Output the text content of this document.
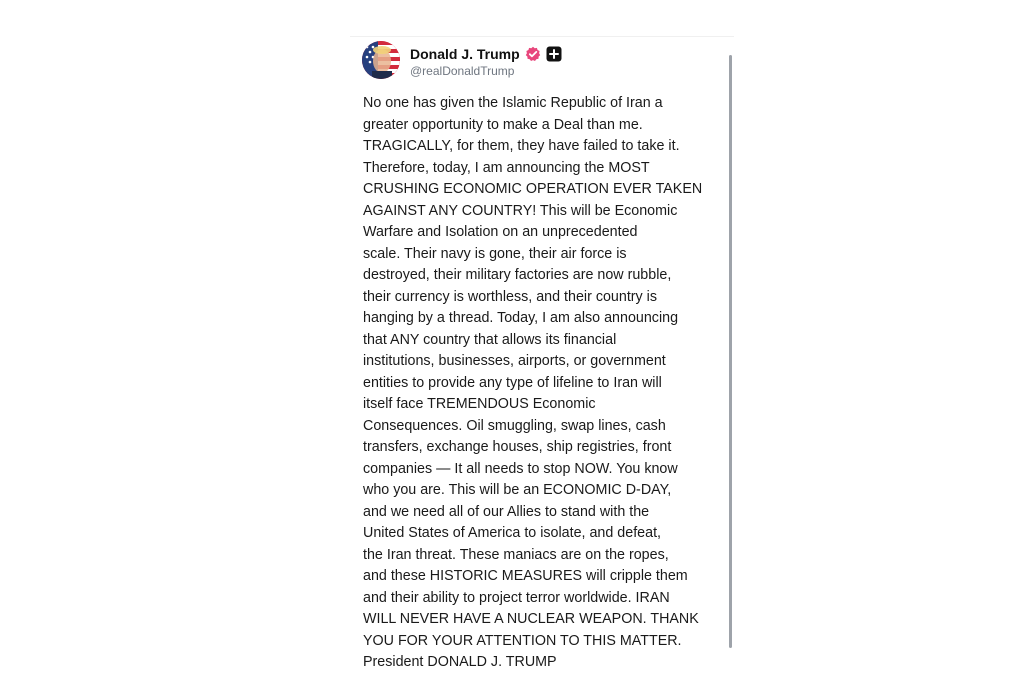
Donald J. Trump
@realDonaldTrump
No one has given the Islamic Republic of Iran a
greater opportunity to make a Deal than me.
TRAGICALLY, for them, they have failed to take it.
Therefore, today, I am announcing the MOST
CRUSHING ECONOMIC OPERATION EVER TAKEN
AGAINST ANY COUNTRY! This will be Economic
Warfare and Isolation on an unprecedented
scale. Their navy is gone, their air force is
destroyed, their military factories are now rubble,
their currency is worthless, and their country is
hanging by a thread. Today, I am also announcing
that ANY country that allows its financial
institutions, businesses, airports, or government
entities to provide any type of lifeline to Iran will
itself face TREMENDOUS Economic
Consequences. Oil smuggling, swap lines, cash
transfers, exchange houses, ship registries, front
companies — It all needs to stop NOW. You know
who you are. This will be an ECONOMIC D-DAY,
and we need all of our Allies to stand with the
United States of America to isolate, and defeat,
the Iran threat. These maniacs are on the ropes,
and these HISTORIC MEASURES will cripple them
and their ability to project terror worldwide. IRAN
WILL NEVER HAVE A NUCLEAR WEAPON. THANK
YOU FOR YOUR ATTENTION TO THIS MATTER.
President DONALD J. TRUMP
